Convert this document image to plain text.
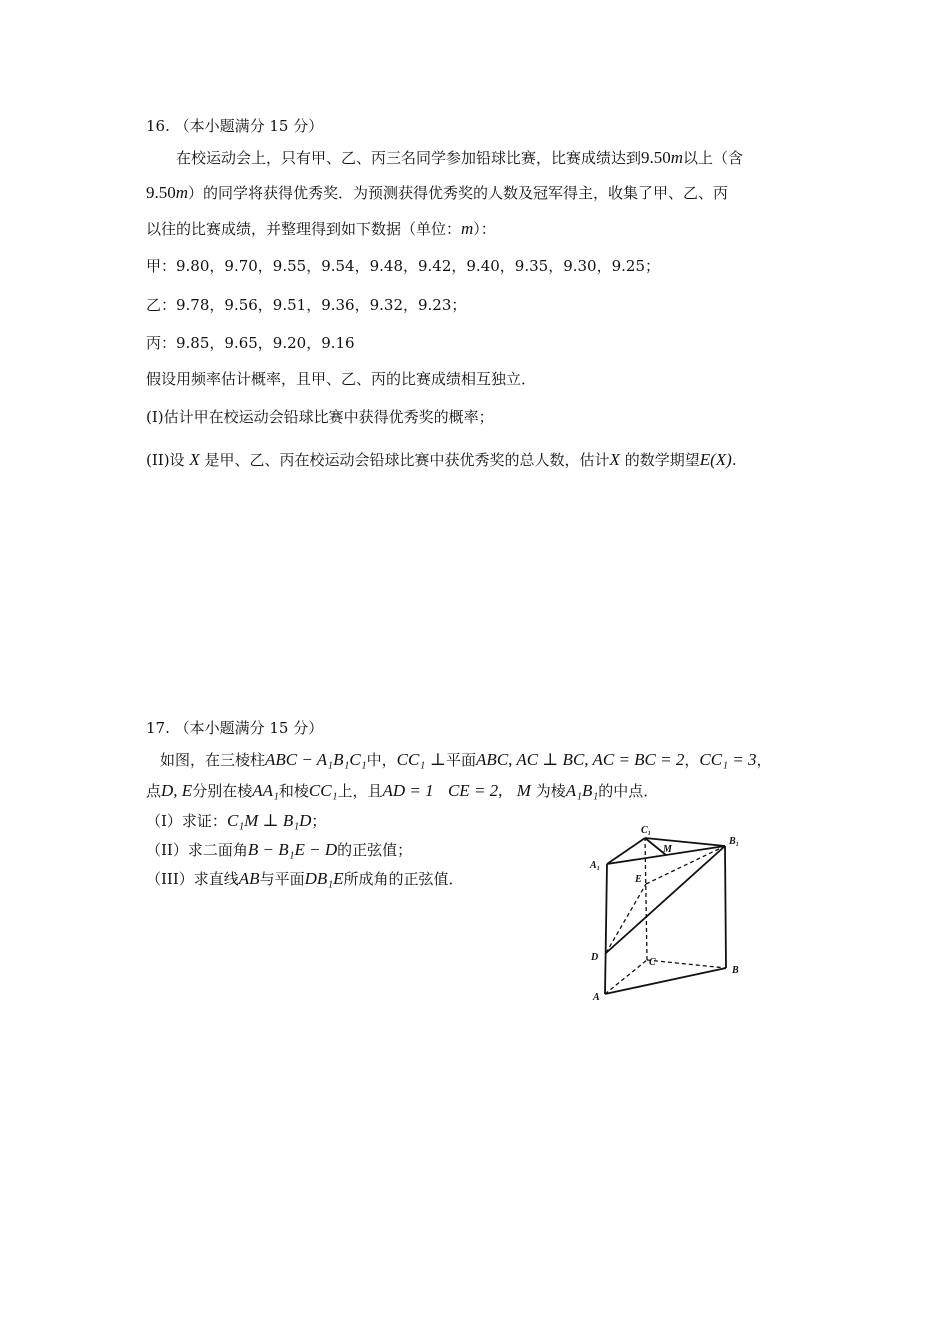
16. （本小题满分 15 分）
在校运动会上，只有甲、乙、丙三名同学参加铅球比赛，比赛成绩达到9.50m以上（含
9.50m）的同学将获得优秀奖．为预测获得优秀奖的人数及冠军得主，收集了甲、乙、丙
以往的比赛成绩，并整理得到如下数据（单位：m）：
甲：9.80，9.70，9.55，9.54，9.48，9.42，9.40，9.35，9.30，9.25；
乙：9.78，9.56，9.51，9.36，9.32，9.23；
丙：9.85，9.65，9.20，9.16
假设用频率估计概率，且甲、乙、丙的比赛成绩相互独立．
(I)估计甲在校运动会铅球比赛中获得优秀奖的概率；
(II)设 X 是甲、乙、丙在校运动会铅球比赛中获优秀奖的总人数，估计X 的数学期望E(X).
17. （本小题满分 15 分）
如图，在三棱柱ABC − A₁B₁C₁中，CC₁ ⊥平面ABC, AC ⊥ BC, AC = BC = 2，CC₁ = 3，
点D, E分别在棱AA₁和棱CC₁上，且AD = 1 CE = 2, M 为棱A₁B₁的中点．
（I）求证：C₁M ⊥ B₁D；
（II）求二面角B − B₁E − D的正弦值；
（III）求直线AB与平面DB₁E所成角的正弦值．
C₁
B₁
A₁
M
E
D	C
B
A
